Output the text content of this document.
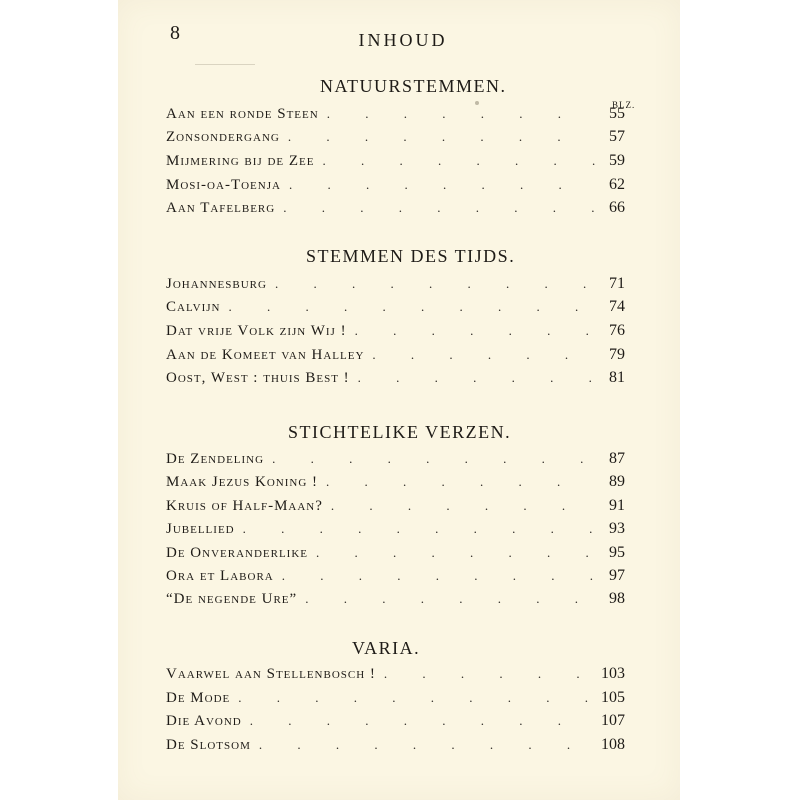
8	INHOUD
BLZ.
NATUURSTEMMEN.
Aan een ronde Steen . . .	55
Zonsondergang . . .	57
Mijmering bij de Zee . . .	59
Mosi-oa-Toenja . . .	62
Aan Tafelberg . . .	66
STEMMEN DES TIJDS.
Johannesburg . . .	71
Calvijn . . .	74
Dat vrije Volk zijn Wij ! . . .	76
Aan de Komeet van Halley . . .	79
Oost, West : thuis Best ! . . .	81
STICHTELIKE VERZEN.
De Zendeling . . .	87
Maak Jezus Koning ! . . .	89
Kruis of Half-Maan? . . .	91
Jubellied . . .	93
De Onveranderlike . . .	95
Ora et Labora . . .	97
“De negende Ure” . . .	98
VARIA.
Vaarwel aan Stellenbosch ! . . .	103
De Mode . . .	105
Die Avond . . .	107
De Slotsom . . .	108
